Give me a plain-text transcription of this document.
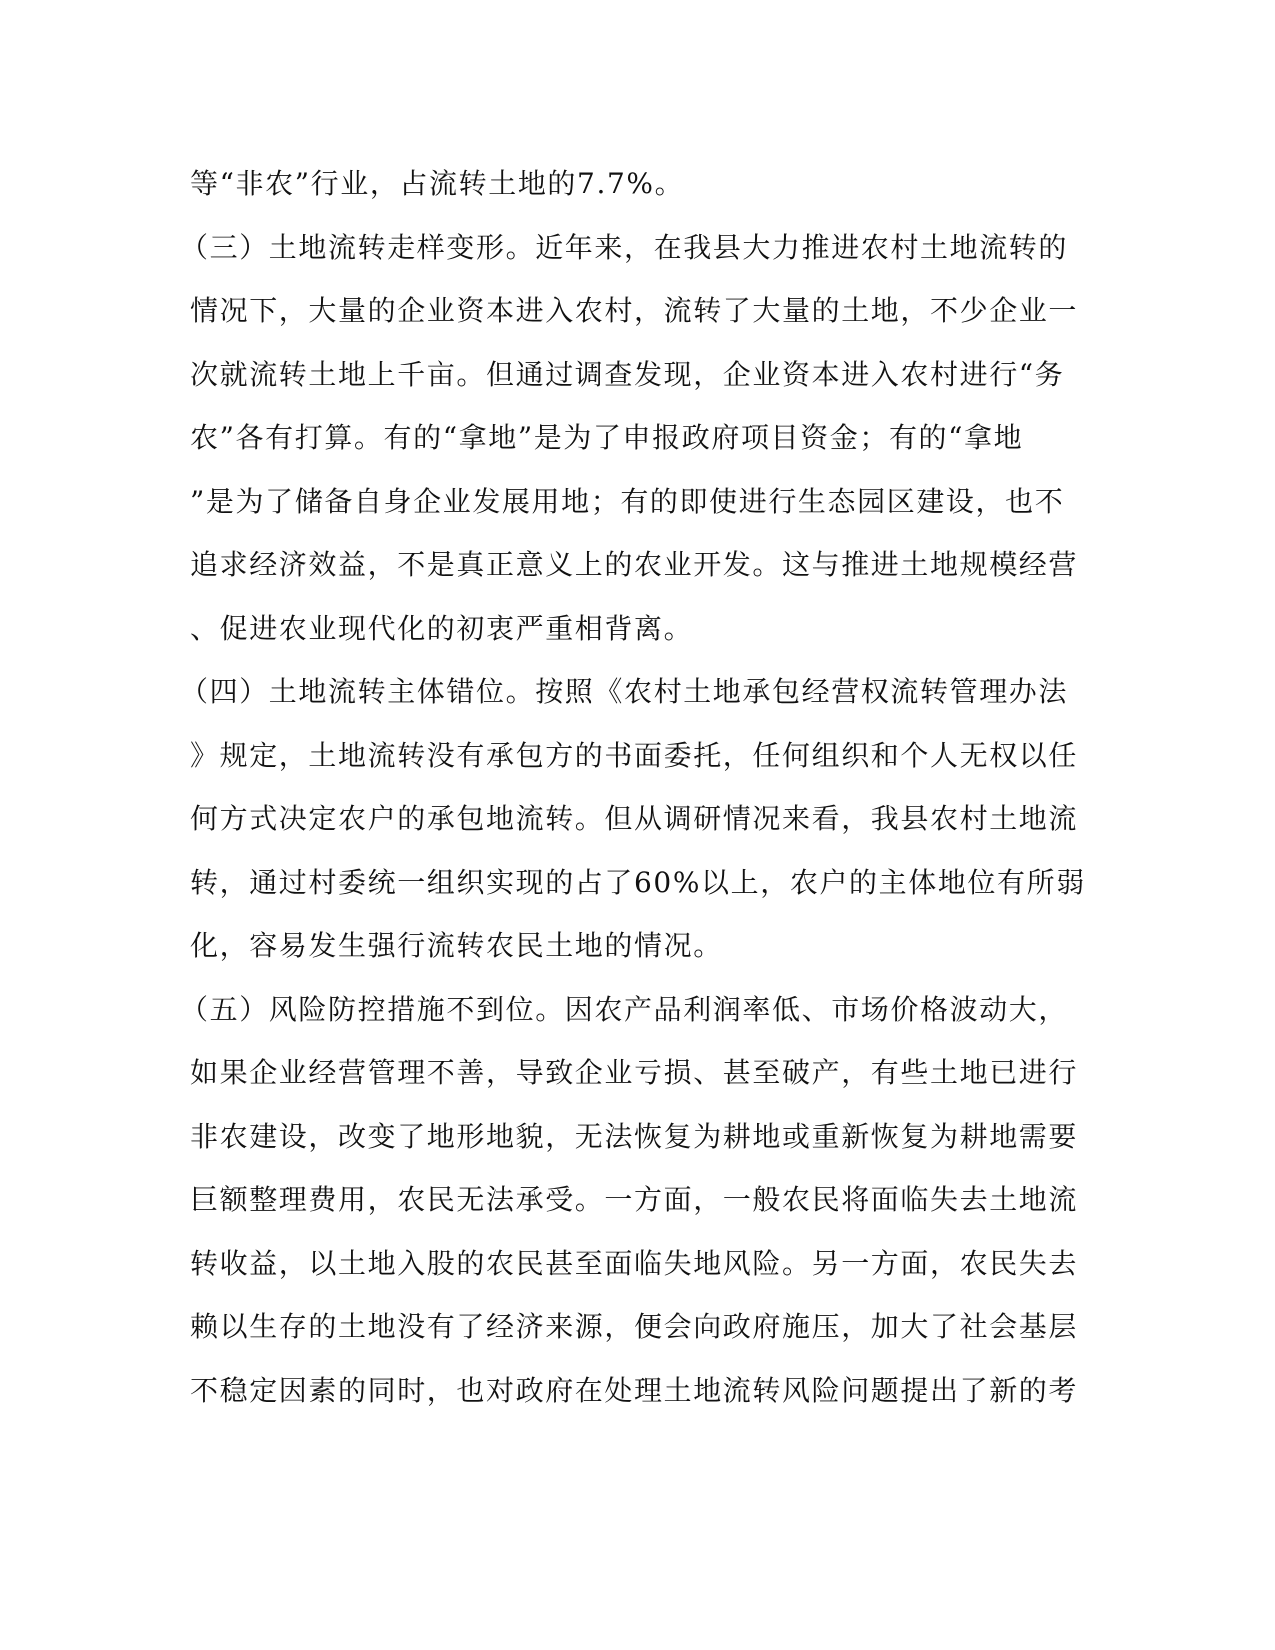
等“非农”行业，占流转土地的7.7%。
（三）土地流转走样变形。近年来，在我县大力推进农村土地流转的
情况下，大量的企业资本进入农村，流转了大量的土地，不少企业一
次就流转土地上千亩。但通过调查发现，企业资本进入农村进行“务
农”各有打算。有的“拿地”是为了申报政府项目资金；有的“拿地
”是为了储备自身企业发展用地；有的即使进行生态园区建设，也不
追求经济效益，不是真正意义上的农业开发。这与推进土地规模经营
、促进农业现代化的初衷严重相背离。
（四）土地流转主体错位。按照《农村土地承包经营权流转管理办法
》规定，土地流转没有承包方的书面委托，任何组织和个人无权以任
何方式决定农户的承包地流转。但从调研情况来看，我县农村土地流
转，通过村委统一组织实现的占了60%以上，农户的主体地位有所弱
化，容易发生强行流转农民土地的情况。
（五）风险防控措施不到位。因农产品利润率低、市场价格波动大，
如果企业经营管理不善，导致企业亏损、甚至破产，有些土地已进行
非农建设，改变了地形地貌，无法恢复为耕地或重新恢复为耕地需要
巨额整理费用，农民无法承受。一方面，一般农民将面临失去土地流
转收益，以土地入股的农民甚至面临失地风险。另一方面，农民失去
赖以生存的土地没有了经济来源，便会向政府施压，加大了社会基层
不稳定因素的同时，也对政府在处理土地流转风险问题提出了新的考
